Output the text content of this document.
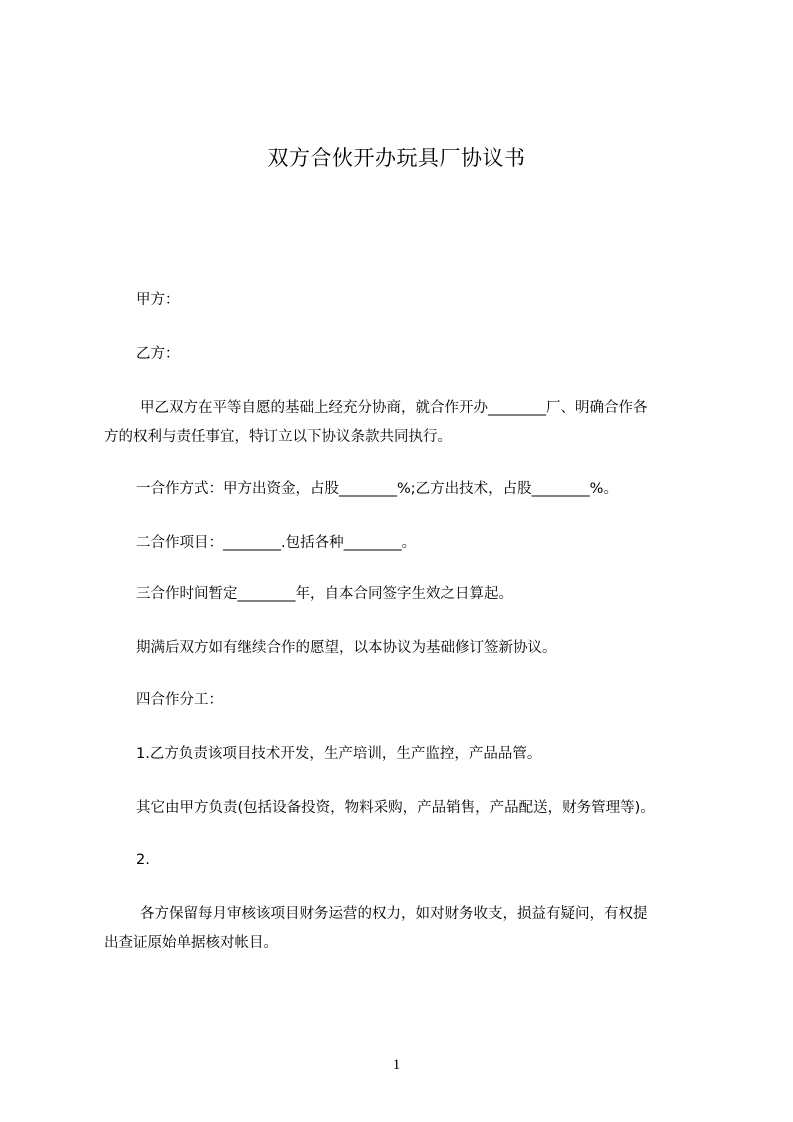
双方合伙开办玩具厂协议书
甲方：
乙方：
甲乙双方在平等自愿的基础上经充分协商，就合作开办________厂、明确合作各
方的权利与责任事宜，特订立以下协议条款共同执行。
一合作方式：甲方出资金，占股________%;乙方出技术，占股________%。
二合作项目：________.包括各种________。
三合作时间暂定________年，自本合同签字生效之日算起。
期满后双方如有继续合作的愿望，以本协议为基础修订签新协议。
四合作分工：
1.乙方负责该项目技术开发，生产培训，生产监控，产品品管。
其它由甲方负责(包括设备投资，物料采购，产品销售，产品配送，财务管理等)。
2.
各方保留每月审核该项目财务运营的权力，如对财务收支，损益有疑问，有权提
出查证原始单据核对帐目。
1
